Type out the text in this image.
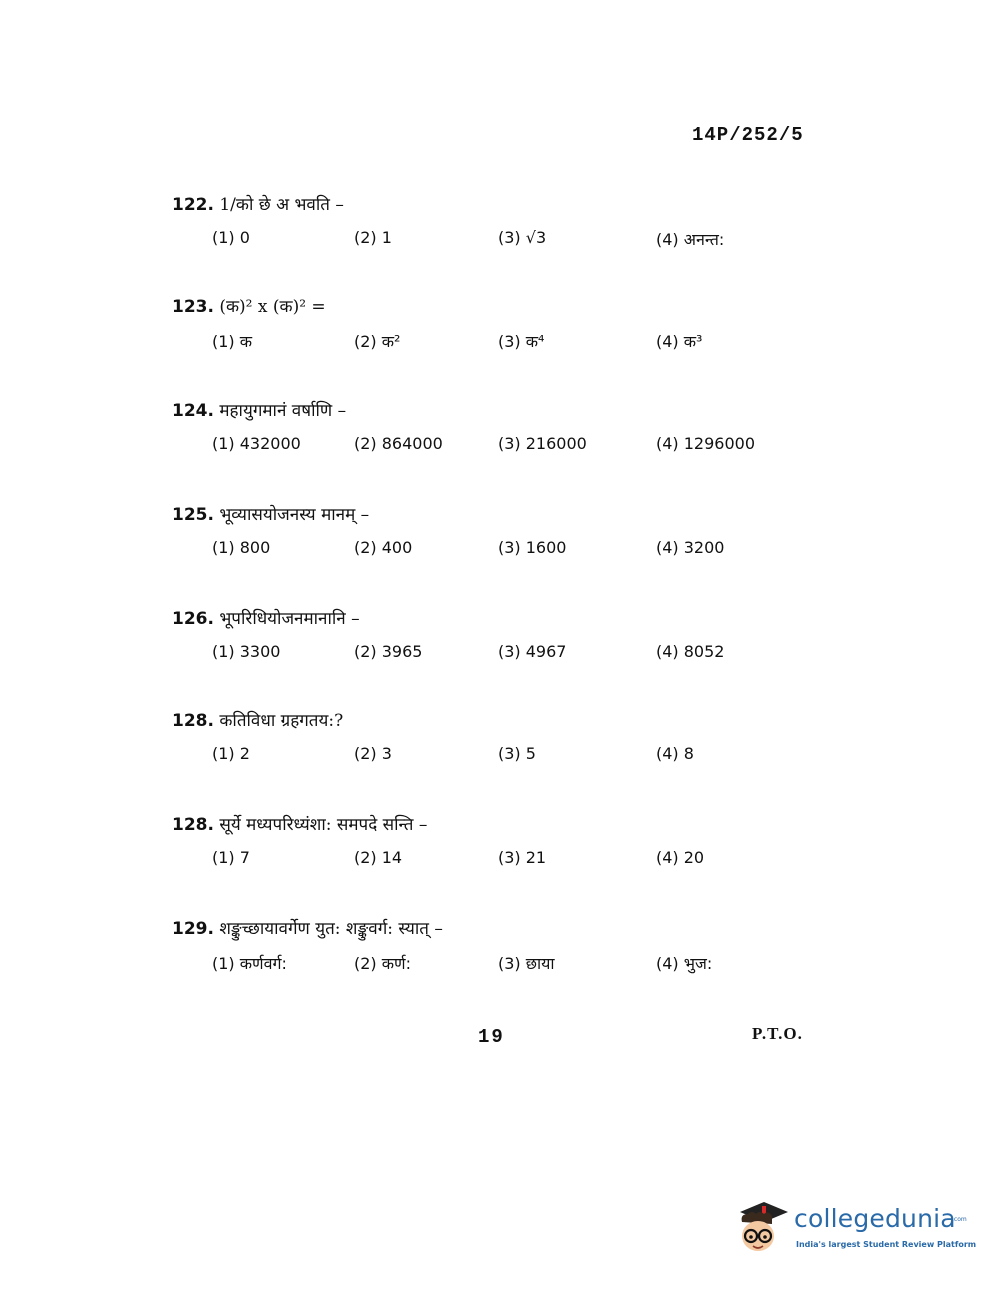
14P/252/5
122. 1/को छे अ भवति –
(1) 0	(2) 1	(3) √3	(4) अनन्त:
123. (क)² x (क)² =
(1) क	(2) क²	(3) क⁴	(4) क³
124. महायुगमानं वर्षाणि –
(1) 432000	(2) 864000	(3) 216000	(4) 1296000
125. भूव्यासयोजनस्य मानम् –
(1) 800	(2) 400	(3) 1600	(4) 3200
126. भूपरिधियोजनमानानि –
(1) 3300	(2) 3965	(3) 4967	(4) 8052
128. कतिविधा ग्रहगतय:?
(1) 2	(2) 3	(3) 5	(4) 8
128. सूर्ये मध्यपरिध्यंशा: समपदे सन्ति –
(1) 7	(2) 14	(3) 21	(4) 20
129. शङ्कुच्छायावर्गेण युत: शङ्कुवर्ग: स्यात् –
(1) कर्णवर्ग:	(2) कर्ण:	(3) छाया	(4) भुज:
19	P.T.O.
collegedunia
.com
India's largest Student Review Platform
